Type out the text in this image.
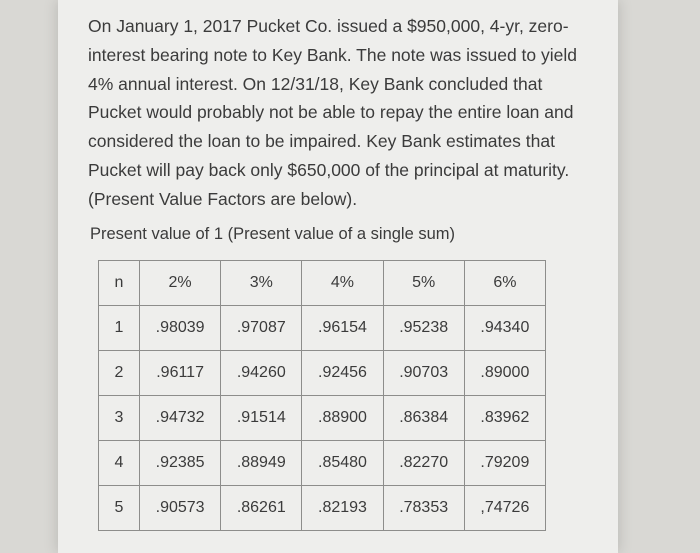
On January 1, 2017 Pucket Co. issued a $950,000, 4-yr, zero-
interest bearing note to Key Bank. The note was issued to yield
4% annual interest. On 12/31/18, Key Bank concluded that
Pucket would probably not be able to repay the entire loan and
considered the loan to be impaired. Key Bank estimates that
Pucket will pay back only $650,000 of the principal at maturity.
(Present Value Factors are below).

Present value of 1 (Present value of a single sum)

n	2%	3%	4%	5%	6%
1	.98039	.97087	.96154	.95238	.94340
2	.96117	.94260	.92456	.90703	.89000
3	.94732	.91514	.88900	.86384	.83962
4	.92385	.88949	.85480	.82270	.79209
5	.90573	.86261	.82193	.78353	,74726
